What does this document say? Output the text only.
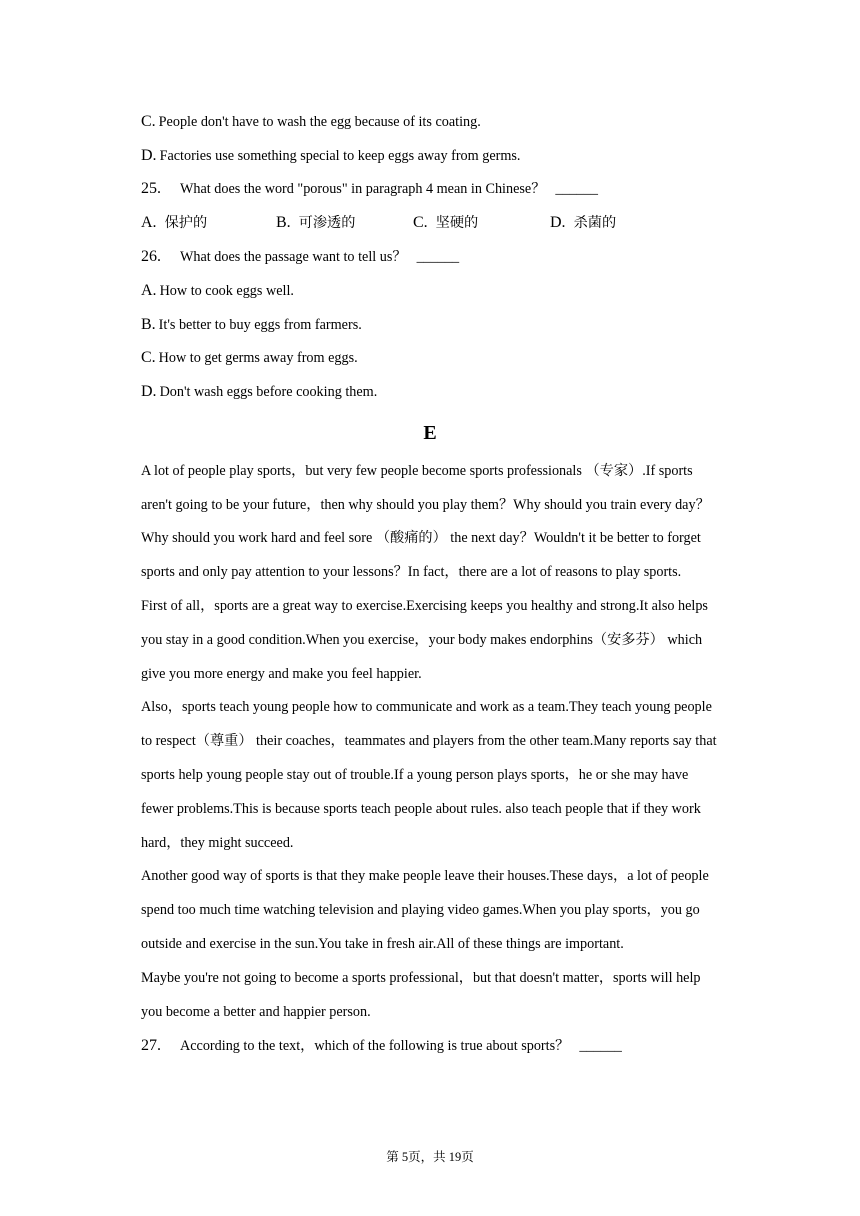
C. People don't have to wash the egg because of its coating.
D. Factories use something special to keep eggs away from germs.
25. What does the word "porous" in paragraph 4 mean in Chinese？ ______
A. 保护的	B. 可渗透的	C. 坚硬的	D. 杀菌的
26. What does the passage want to tell us？ ______
A. How to cook eggs well.
B. It's better to buy eggs from farmers.
C. How to get germs away from eggs.
D. Don't wash eggs before cooking them.
E
A lot of people play sports，but very few people become sports professionals （专家）.If sports
aren't going to be your future，then why should you play them？Why should you train every day？
Why should you work hard and feel sore （酸痛的） the next day？Wouldn't it be better to forget
sports and only pay attention to your lessons？In fact，there are a lot of reasons to play sports.
First of all，sports are a great way to exercise.Exercising keeps you healthy and strong.It also helps
you stay in a good condition.When you exercise，your body makes endorphins（安多芬） which
give you more energy and make you feel happier.
Also，sports teach young people how to communicate and work as a team.They teach young people
to respect（尊重） their coaches，teammates and players from the other team.Many reports say that
sports help young people stay out of trouble.If a young person plays sports，he or she may have
fewer problems.This is because sports teach people about rules. also teach people that if they work
hard，they might succeed.
Another good way of sports is that they make people leave their houses.These days，a lot of people
spend too much time watching television and playing video games.When you play sports，you go
outside and exercise in the sun.You take in fresh air.All of these things are important.
Maybe you're not going to become a sports professional，but that doesn't matter，sports will help
you become a better and happier person.
27. According to the text，which of the following is true about sports？ ______
第 5页，共 19页
